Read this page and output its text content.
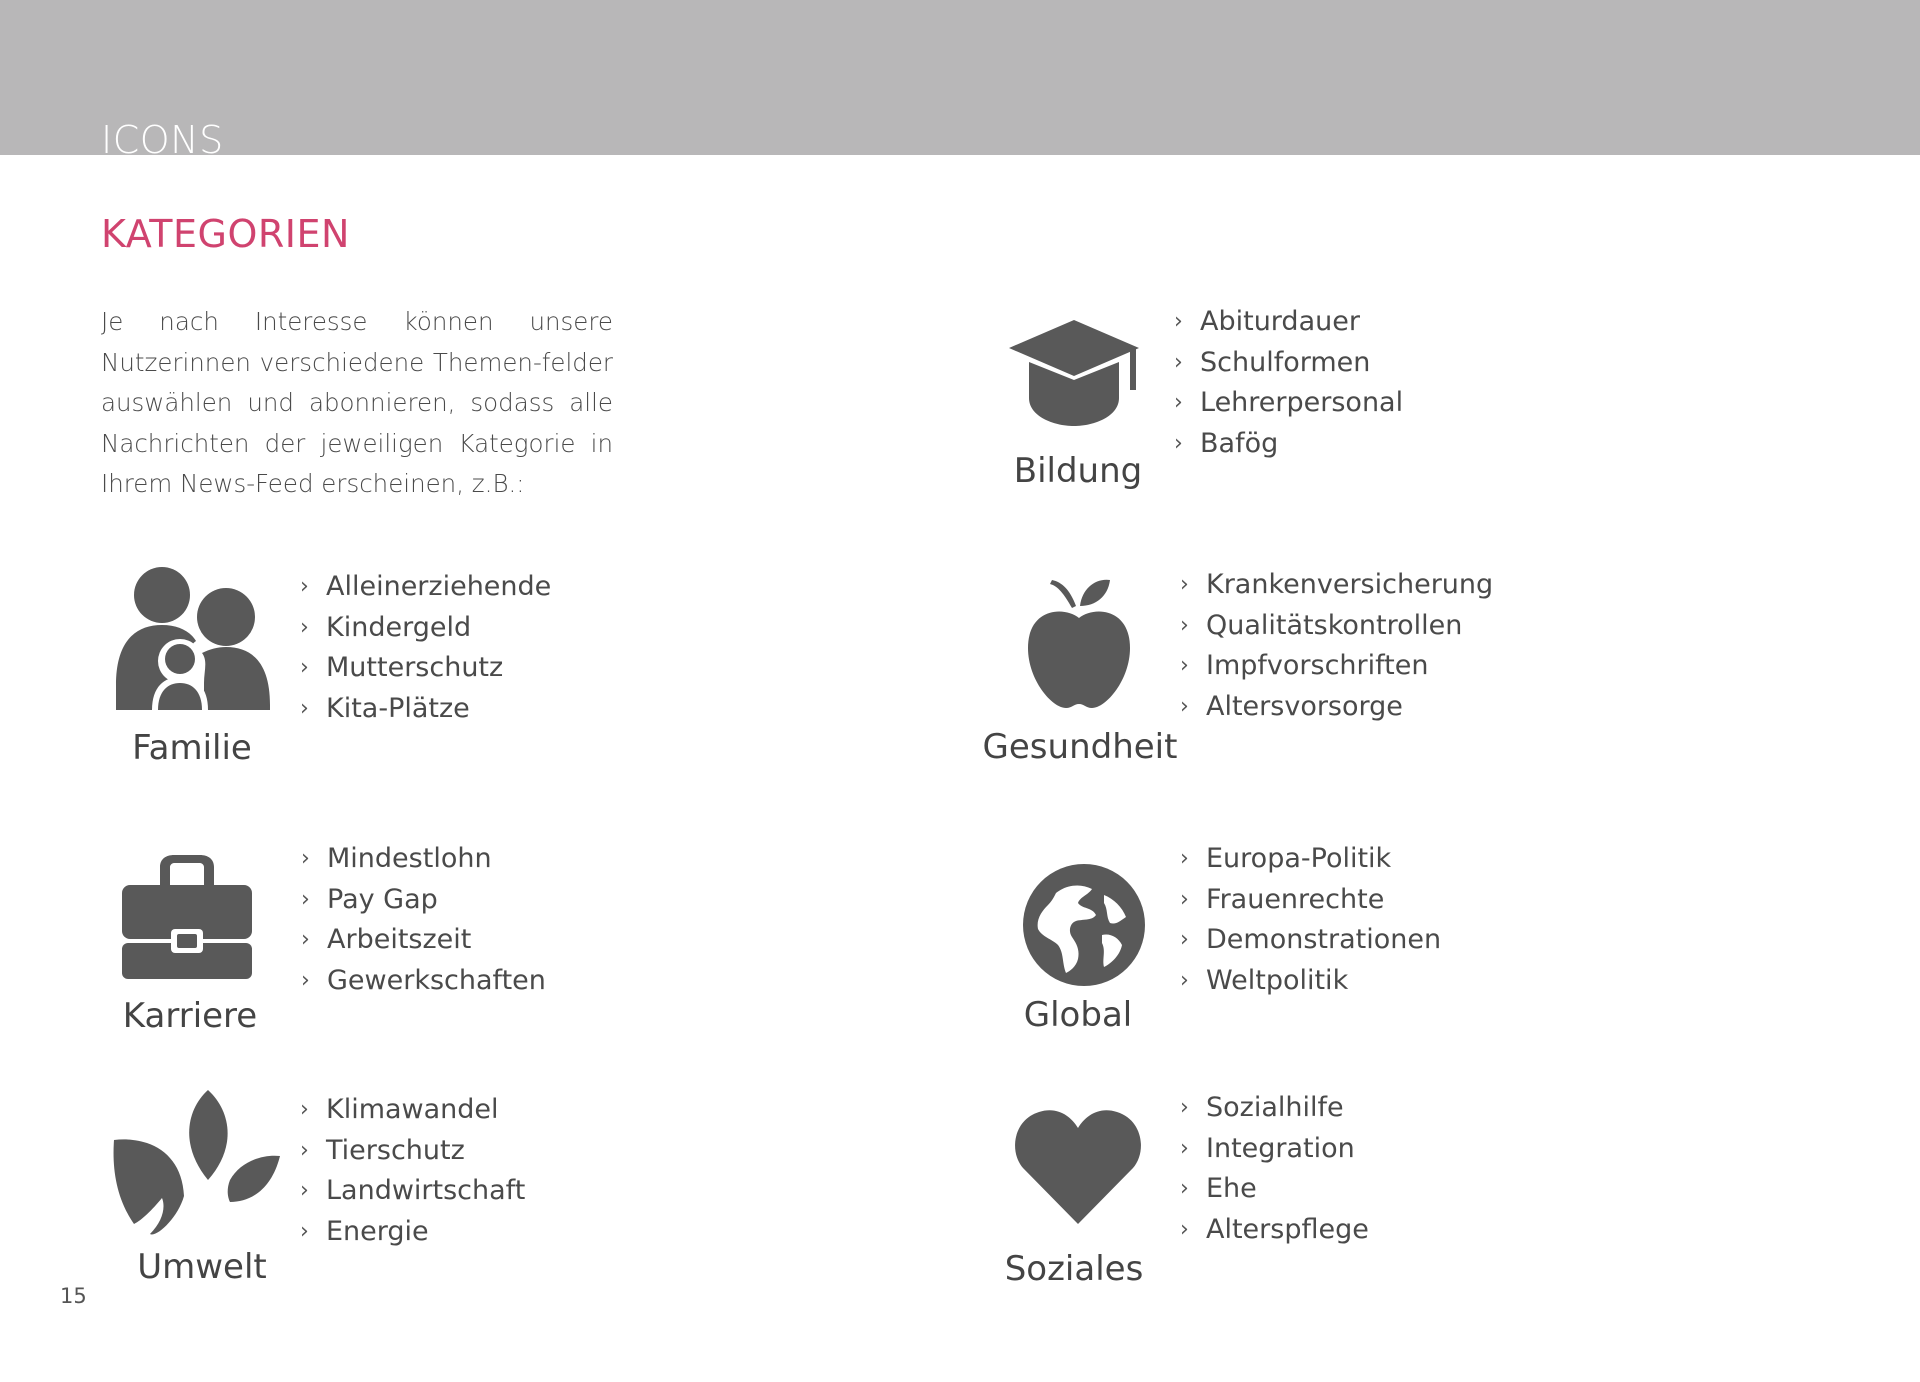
ICONS
KATEGORIEN

Je nach Interesse können unsere Nutzerinnen verschiedene Themen-felder auswählen und abonnieren, sodass alle Nachrichten der jeweiligen Kategorie in Ihrem News-Feed erscheinen, z.B.:	Bildung
› Abiturdauer
› Schulformen
› Lehrerpersonal
› Bafög
Familie
› Alleinerziehende
› Kindergeld
› Mutterschutz
› Kita-Plätze
Gesundheit
› Krankenversicherung
› Qualitätskontrollen
› Impfvorschriften
› Altersvorsorge
Karriere
› Mindestlohn
› Pay Gap
› Arbeitszeit
› Gewerkschaften
Global
› Europa-Politik
› Frauenrechte
› Demonstrationen
› Weltpolitik
Umwelt
› Klimawandel
› Tierschutz
› Landwirtschaft
› Energie
Soziales
› Sozialhilfe
› Integration
› Ehe
› Alterspflege
15
